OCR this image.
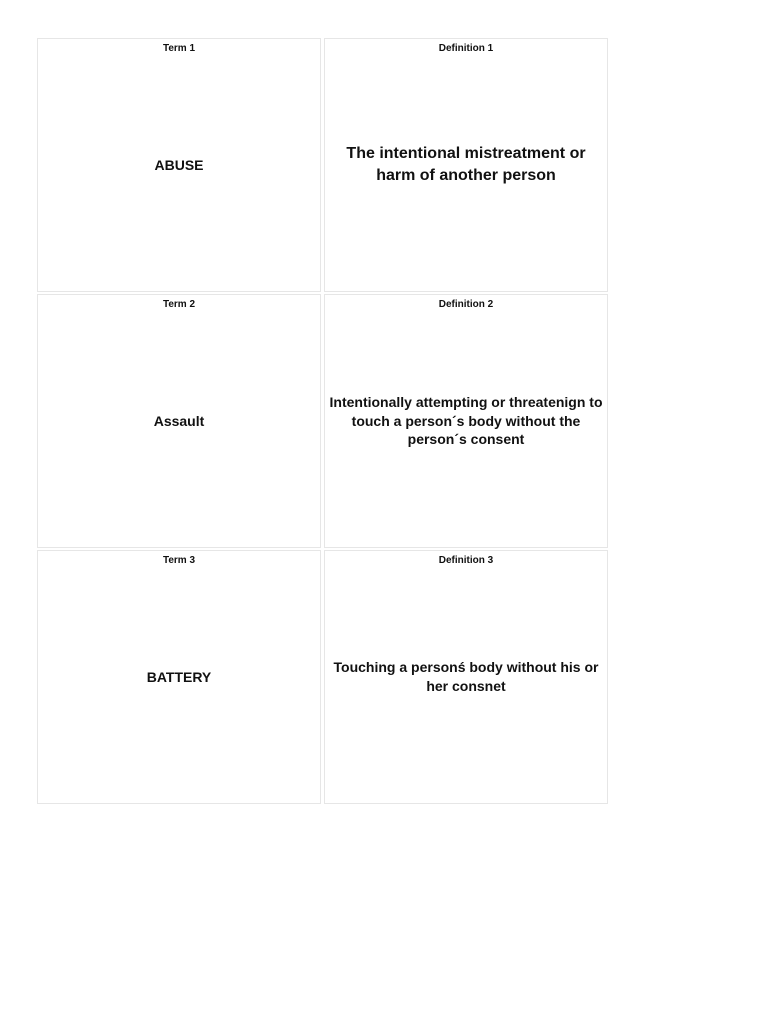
Term 1
ABUSE
Definition 1
The intentional mistreatment or harm of another person
Term 2
Assault
Definition 2
Intentionally attempting or threatenign to touch a person´s body without the person´s consent
Term 3
BATTERY
Definition 3
Touching a personś body without his or her consnet
